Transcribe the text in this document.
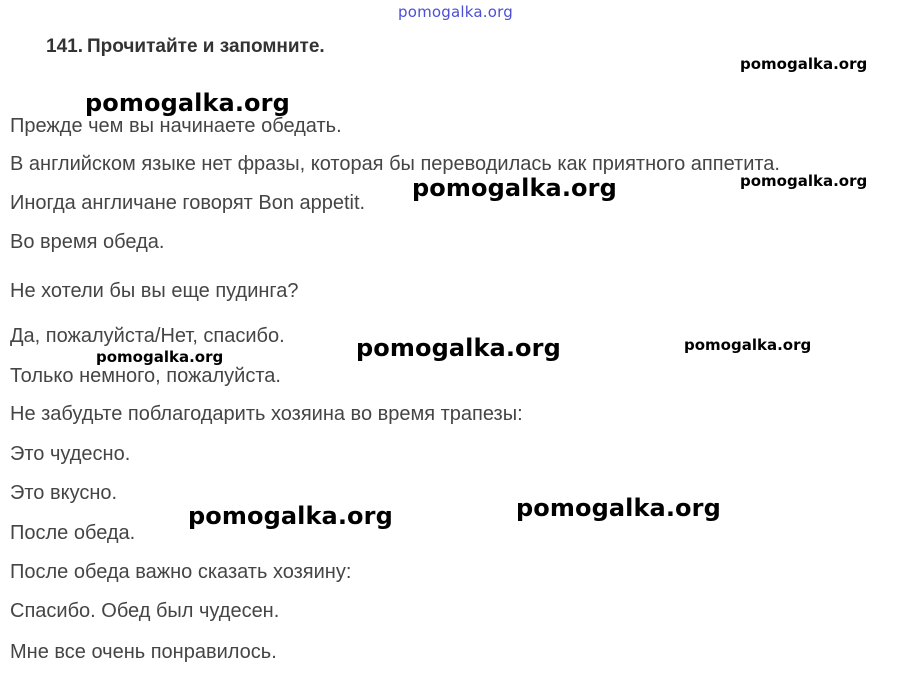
pomogalka.org
141. Прочитайте и запомните.
Прежде чем вы начинаете обедать.
В английском языке нет фразы, которая бы переводилась как приятного аппетита.
Иногда англичане говорят Bon appetit.
Во время обеда.
Не хотели бы вы еще пудинга?
Да, пожалуйста/Нет, спасибо.
Только немного, пожалуйста.
Не забудьте поблагодарить хозяина во время трапезы:
Это чудесно.
Это вкусно.
После обеда.
После обеда важно сказать хозяину:
Спасибо. Обед был чудесен.
Мне все очень понравилось.
pomogalka.org
pomogalka.org
pomogalka.org
pomogalka.org
pomogalka.org
pomogalka.org
pomogalka.org
pomogalka.org
pomogalka.org
